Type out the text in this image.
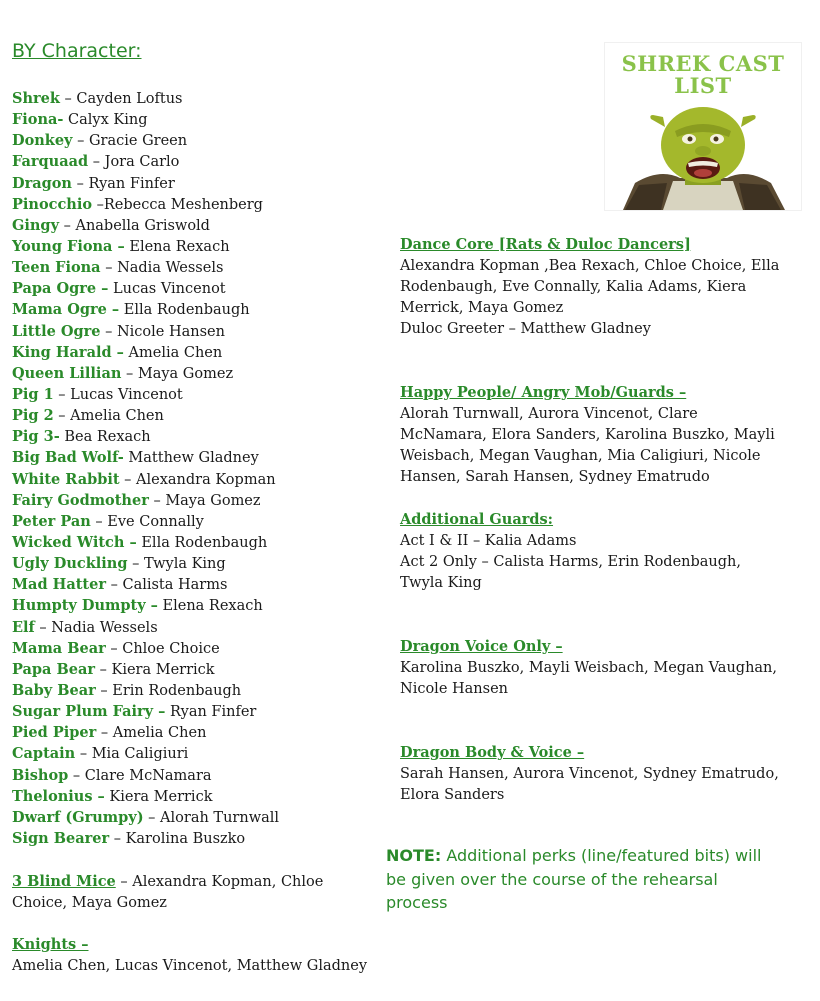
BY Character:
Shrek – Cayden Loftus
Fiona- Calyx King
Donkey – Gracie Green
Farquaad – Jora Carlo
Dragon – Ryan Finfer
Pinocchio –Rebecca Meshenberg
Gingy – Anabella Griswold
Young Fiona – Elena Rexach
Teen Fiona – Nadia Wessels
Papa Ogre – Lucas Vincenot
Mama Ogre – Ella Rodenbaugh
Little Ogre – Nicole Hansen
King Harald – Amelia Chen
Queen Lillian – Maya Gomez
Pig 1 – Lucas Vincenot
Pig 2 – Amelia Chen
Pig 3- Bea Rexach
Big Bad Wolf- Matthew Gladney
White Rabbit – Alexandra Kopman
Fairy Godmother – Maya Gomez
Peter Pan – Eve Connally
Wicked Witch – Ella Rodenbaugh
Ugly Duckling – Twyla King
Mad Hatter – Calista Harms
Humpty Dumpty – Elena Rexach
Elf – Nadia Wessels
Mama Bear – Chloe Choice
Papa Bear – Kiera Merrick
Baby Bear – Erin Rodenbaugh
Sugar Plum Fairy – Ryan Finfer
Pied Piper – Amelia Chen
Captain – Mia Caligiuri
Bishop – Clare McNamara
Thelonius – Kiera Merrick
Dwarf (Grumpy) – Alorah Turnwall
Sign Bearer – Karolina Buszko
3 Blind Mice – Alexandra Kopman, Chloe
Choice, Maya Gomez
Knights –
Amelia Chen, Lucas Vincenot, Matthew Gladney
SHREK CAST
LIST
Dance Core [Rats & Duloc Dancers]
Alexandra Kopman ,Bea Rexach, Chloe Choice, Ella
Rodenbaugh, Eve Connally, Kalia Adams, Kiera
Merrick, Maya Gomez
Duloc Greeter – Matthew Gladney
Happy People/ Angry Mob/Guards –
Alorah Turnwall, Aurora Vincenot, Clare
McNamara, Elora Sanders, Karolina Buszko, Mayli
Weisbach, Megan Vaughan, Mia Caligiuri, Nicole
Hansen, Sarah Hansen, Sydney Ematrudo
Additional Guards:
Act I & II – Kalia Adams
Act 2 Only – Calista Harms, Erin Rodenbaugh,
Twyla King
Dragon Voice Only –
Karolina Buszko, Mayli Weisbach, Megan Vaughan,
Nicole Hansen
Dragon Body & Voice –
Sarah Hansen, Aurora Vincenot, Sydney Ematrudo,
Elora Sanders
NOTE: Additional perks (line/featured bits) will
be given over the course of the rehearsal
process
